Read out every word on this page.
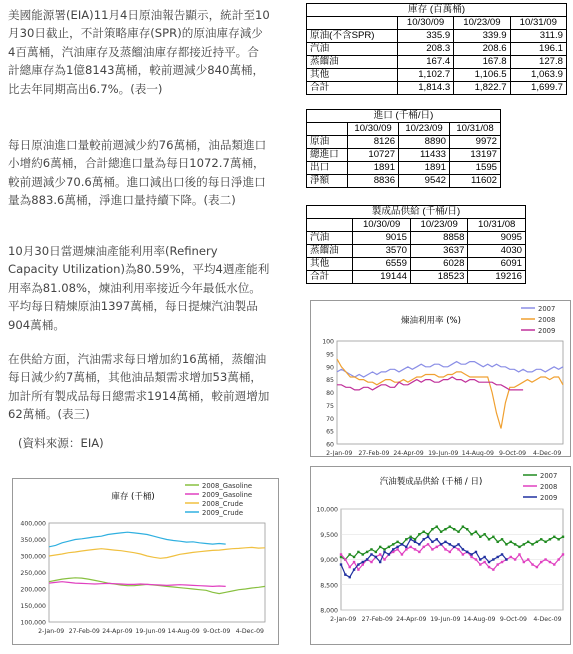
美國能源署(EIA)11月4日原油報告顯示，統計至10月30日截止，不計策略庫存(SPR)的原油庫存減少4百萬桶，汽油庫存及蒸餾油庫存都接近持平。合計總庫存為1億8143萬桶，較前週減少840萬桶，比去年同期高出6.7%。(表一)

每日原油進口量較前週減少約76萬桶，油品類進口小增約6萬桶，合計總進口量為每日1072.7萬桶，較前週減少70.6萬桶。進口減出口後的每日淨進口量為883.6萬桶，淨進口量持續下降。(表二)

10月30日當週煉油產能利用率(Refinery Capacity Utilization)為80.59%，平均4週產能利用率為81.08%，煉油利用率接近今年最低水位。平均每日精煉原油1397萬桶，每日提煉汽油製品904萬桶。

在供給方面，汽油需求每日增加約16萬桶，蒸餾油每日減少約7萬桶，其他油品類需求增加53萬桶，加計所有製成品每日總需求1914萬桶，較前週增加62萬桶。(表三)

(資料來源：EIA)

庫存 (百萬桶)			
	10/30/09	10/23/09	10/31/09
原油(不含SPR)	335.9	339.9	311.9
汽油	208.3	208.6	196.1
蒸餾油	167.4	167.8	127.8
其他	1,102.7	1,106.5	1,063.9
合計	1,814.3	1,822.7	1,699.7
進口 (千桶/日)			
	10/30/09	10/23/09	10/31/08
原油	8126	8890	9972
總進口	10727	11433	13197
出口	1891	1891	1595
淨額	8836	9542	11602
製成品供給 (千桶/日)			
	10/30/09	10/23/09	10/31/08
汽油	9015	8858	9095
蒸餾油	3570	3637	4030
其他	6559	6028	6091
合計	19144	18523	19216
60
65
70
75
80
85
90
95
100
2-Jan-09 27-Feb-09 24-Apr-09 19-Jun-09 14-Aug-09 9-Oct-09 4-Dec-09
煉油利用率 (%)
2007
2008
2009
100,000
150,000
200,000
250,000
300,000
350,000
400,000
2-Jan-09 27-Feb-09 24-Apr-09 19-Jun-09 14-Aug-09 9-Oct-09 4-Dec-09
庫存 (千桶)
2008_Gasoline
2009_Gasoline
2008_Crude
2009_Crude
8,000
8,500
9,000
9,500
10,000
2-Jan-09 27-Feb-09 24-Apr-09 19-Jun-09 14-Aug-09 9-Oct-09 4-Dec-09
汽油製成品供給 (千桶 / 日)
2007
2008
2009
